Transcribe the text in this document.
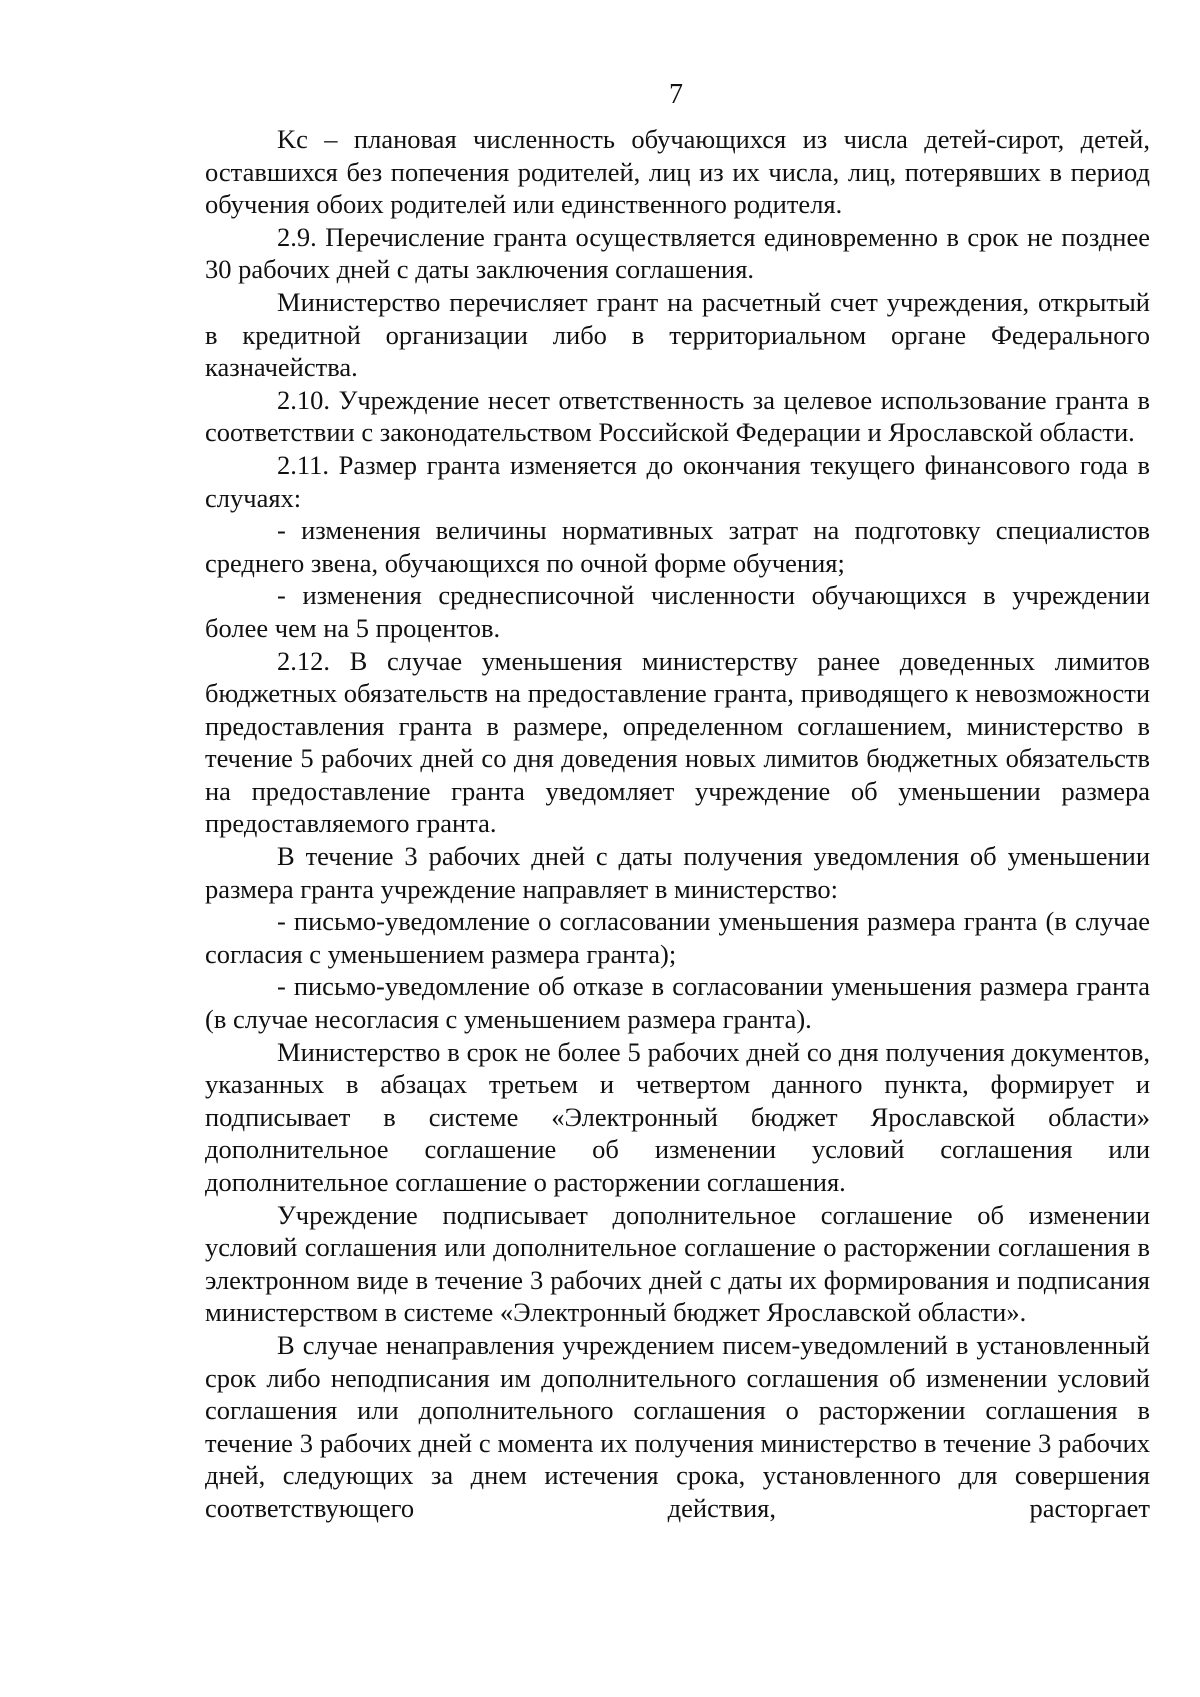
7

Kс – плановая численность обучающихся из числа детей-сирот, детей, оставшихся без попечения родителей, лиц из их числа, лиц, потерявших в период обучения обоих родителей или единственного родителя.

2.9. Перечисление гранта осуществляется единовременно в срок не позднее 30 рабочих дней с даты заключения соглашения.

Министерство перечисляет грант на расчетный счет учреждения, открытый в кредитной организации либо в территориальном органе Федерального казначейства.

2.10. Учреждение несет ответственность за целевое использование гранта в соответствии с законодательством Российской Федерации и Ярославской области.

2.11. Размер гранта изменяется до окончания текущего финансового года в случаях:

- изменения величины нормативных затрат на подготовку специалистов среднего звена, обучающихся по очной форме обучения;

- изменения среднесписочной численности обучающихся в учреждении более чем на 5 процентов.

2.12. В случае уменьшения министерству ранее доведенных лимитов бюджетных обязательств на предоставление гранта, приводящего к невозможности предоставления гранта в размере, определенном соглашением, министерство в течение 5 рабочих дней со дня доведения новых лимитов бюджетных обязательств на предоставление гранта уведомляет учреждение об уменьшении размера предоставляемого гранта.

В течение 3 рабочих дней с даты получения уведомления об уменьшении размера гранта учреждение направляет в министерство:

- письмо-уведомление о согласовании уменьшения размера гранта (в случае согласия с уменьшением размера гранта);

- письмо-уведомление об отказе в согласовании уменьшения размера гранта (в случае несогласия с уменьшением размера гранта).

Министерство в срок не более 5 рабочих дней со дня получения документов, указанных в абзацах третьем и четвертом данного пункта, формирует и подписывает в системе «Электронный бюджет Ярославской области» дополнительное соглашение об изменении условий соглашения или дополнительное соглашение о расторжении соглашения.

Учреждение подписывает дополнительное соглашение об изменении условий соглашения или дополнительное соглашение о расторжении соглашения в электронном виде в течение 3 рабочих дней с даты их формирования и подписания министерством в системе «Электронный бюджет Ярославской области».

В случае ненаправления учреждением писем-уведомлений в установленный срок либо неподписания им дополнительного соглашения об изменении условий соглашения или дополнительного соглашения о расторжении соглашения в течение 3 рабочих дней с момента их получения министерство в течение 3 рабочих дней, следующих за днем истечения срока, установленного для совершения соответствующего действия, расторгает
